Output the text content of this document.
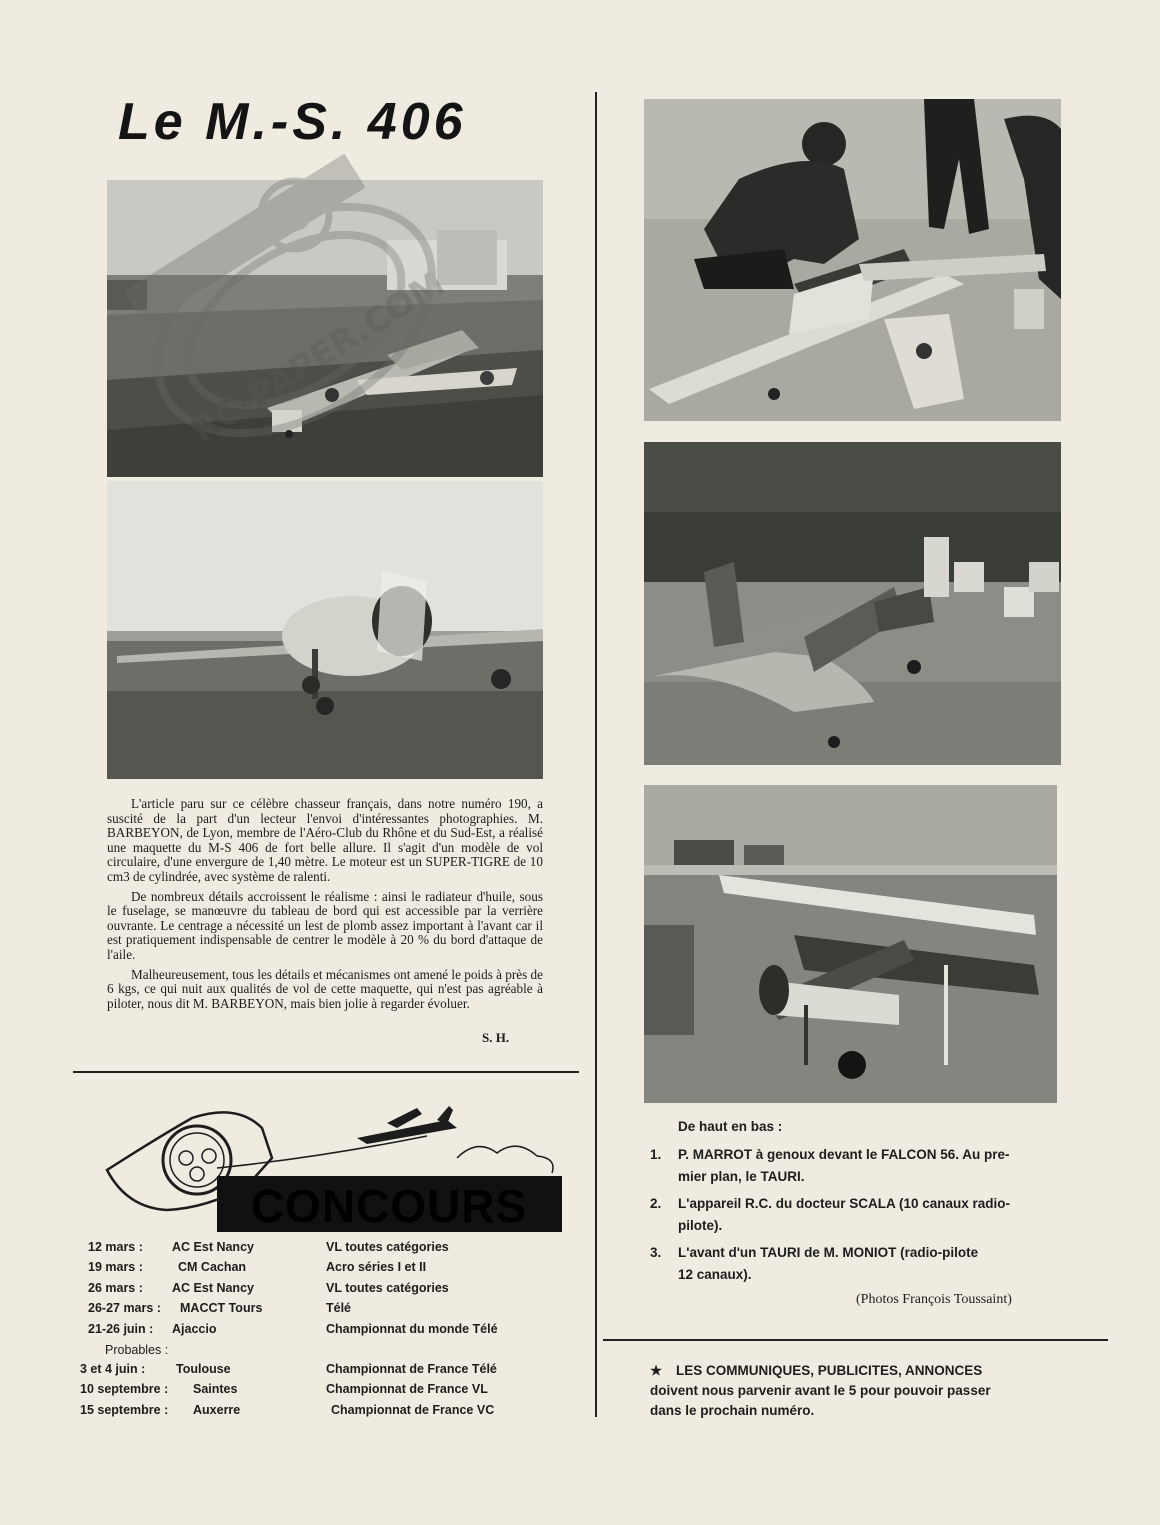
Le M.-S. 406
RC-PAPER.COM

L'article paru sur ce célèbre chasseur français, dans notre numéro 190, a suscité de la part d'un lecteur l'envoi d'intéressantes photographies. M. BARBEYON, de Lyon, membre de l'Aéro-Club du Rhône et du Sud-Est, a réalisé une maquette du M-S 406 de fort belle allure. Il s'agit d'un modèle de vol circulaire, d'une envergure de 1,40 mètre. Le moteur est un SUPER-TIGRE de 10 cm3 de cylindrée, avec système de ralenti.

De nombreux détails accroissent le réalisme : ainsi le radiateur d'huile, sous le fuselage, se manœuvre du tableau de bord qui est accessible par la verrière ouvrante. Le centrage a nécessité un lest de plomb assez important à l'avant car il est pratiquement indispensable de centrer le modèle à 20 % du bord d'attaque de l'aile.

Malheureusement, tous les détails et mécanismes ont amené le poids à près de 6 kgs, ce qui nuit aux qualités de vol de cette maquette, qui n'est pas agréable à piloter, nous dit M. BARBEYON, mais bien jolie à regarder évoluer.

S. H.
CONCOURS
12 mars : AC Est Nancy	VL toutes catégories
19 mars :	CM Cachan	Acro séries I et II
26 mars : AC Est Nancy	VL toutes catégories
26-27 mars : MACCT Tours	Télé
21-26 juin : Ajaccio	Championnat du monde Télé
Probables :
3 et 4 juin : Toulouse	Championnat de France Télé
10 septembre : Saintes	Championnat de France VL
15 septembre : Auxerre	Championnat de France VC
De haut en bas :
1. P. MARROT à genoux devant le FALCON 56. Au pre-
mier plan, le TAURI.
2. L'appareil R.C. du docteur SCALA (10 canaux radio-
pilote).
3. L'avant d'un TAURI de M. MONIOT (radio-pilote
12 canaux).
(Photos François Toussaint)
★ LES COMMUNIQUES, PUBLICITES, ANNONCES
doivent nous parvenir avant le 5 pour pouvoir passer
dans le prochain numéro.
